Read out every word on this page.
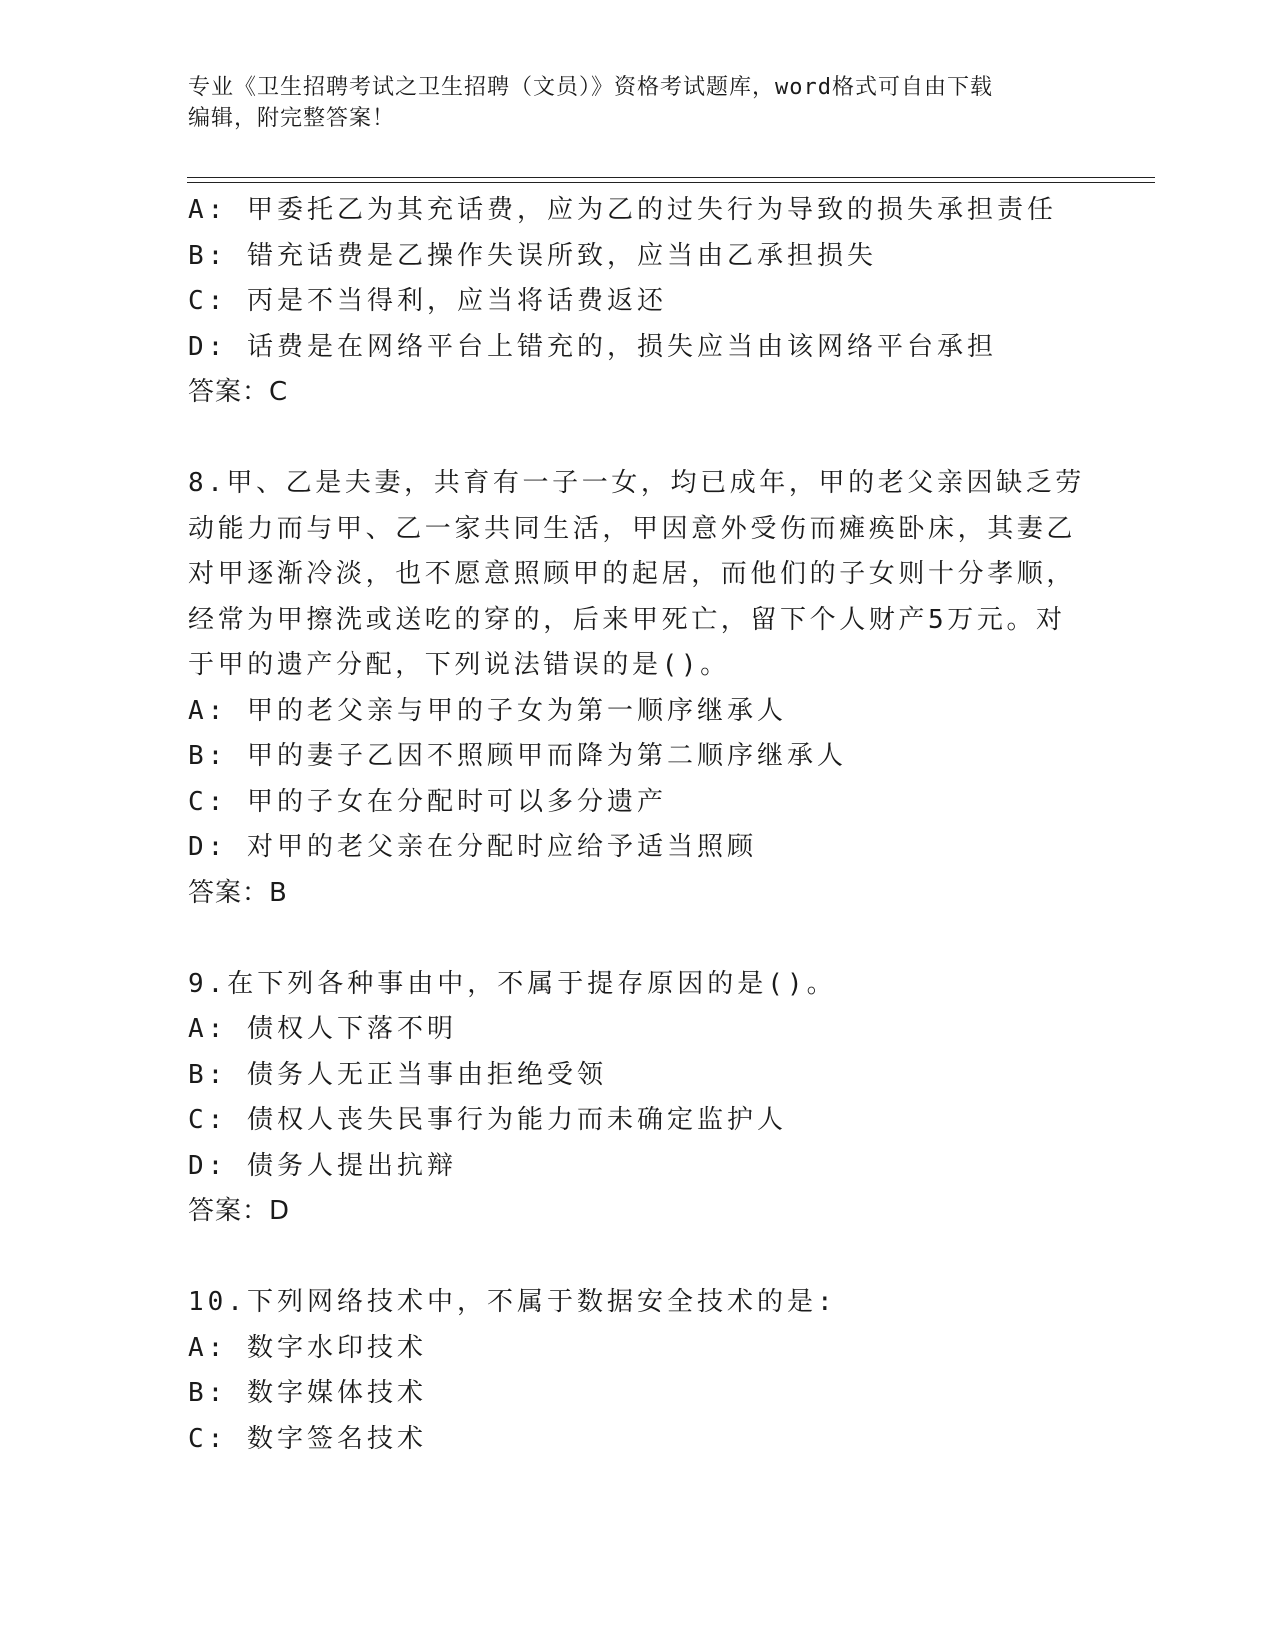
专业《卫生招聘考试之卫生招聘（文员）》资格考试题库，word格式可自由下载
编辑，附完整答案！
A: 甲委托乙为其充话费，应为乙的过失行为导致的损失承担责任
B: 错充话费是乙操作失误所致，应当由乙承担损失
C: 丙是不当得利，应当将话费返还
D: 话费是在网络平台上错充的，损失应当由该网络平台承担
答案：C
8.甲、乙是夫妻，共育有一子一女，均已成年，甲的老父亲因缺乏劳
动能力而与甲、乙一家共同生活，甲因意外受伤而瘫痪卧床，其妻乙
对甲逐渐冷淡，也不愿意照顾甲的起居，而他们的子女则十分孝顺，
经常为甲擦洗或送吃的穿的，后来甲死亡，留下个人财产5万元。对
于甲的遗产分配，下列说法错误的是()。
A: 甲的老父亲与甲的子女为第一顺序继承人
B: 甲的妻子乙因不照顾甲而降为第二顺序继承人
C: 甲的子女在分配时可以多分遗产
D: 对甲的老父亲在分配时应给予适当照顾
答案：B
9.在下列各种事由中，不属于提存原因的是()。
A: 债权人下落不明
B: 债务人无正当事由拒绝受领
C: 债权人丧失民事行为能力而未确定监护人
D: 债务人提出抗辩
答案：D
10.下列网络技术中，不属于数据安全技术的是:
A: 数字水印技术
B: 数字媒体技术
C: 数字签名技术
